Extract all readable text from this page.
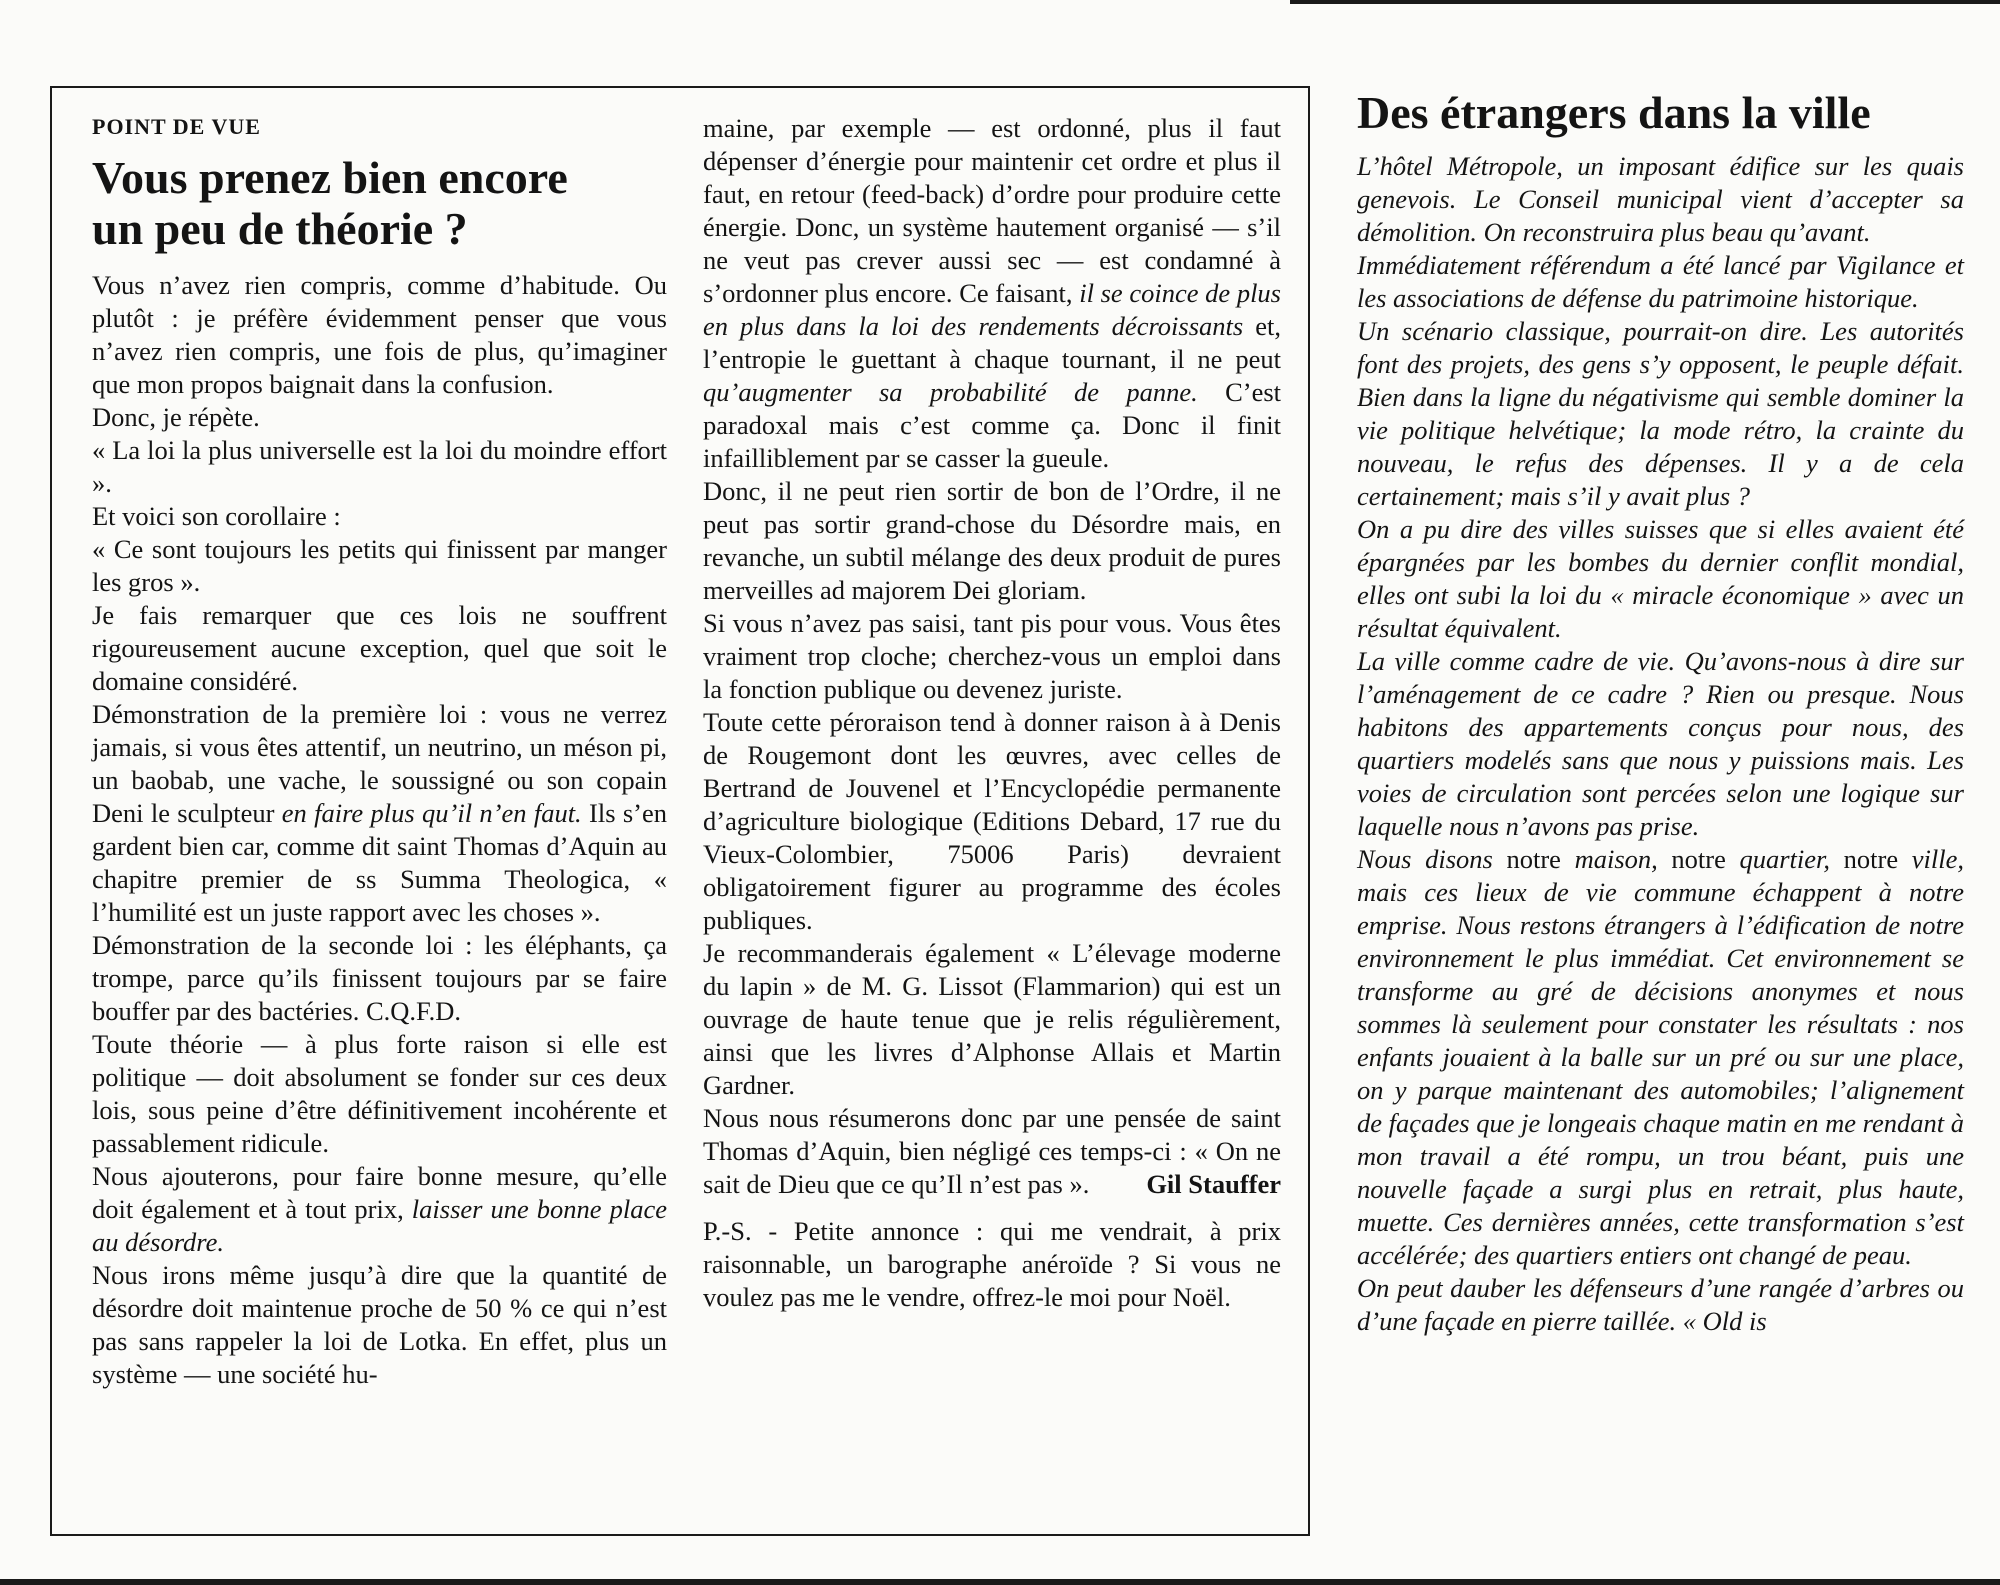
POINT DE VUE

Vous prenez bien encore
un peu de théorie ?

Vous n’avez rien compris, comme d’habitude. Ou plutôt : je préfère évidemment penser que vous n’avez rien compris, une fois de plus, qu’imaginer que mon propos baignait dans la confusion.

Donc, je répète.

« La loi la plus universelle est la loi du moindre effort ».

Et voici son corollaire :

« Ce sont toujours les petits qui finissent par manger les gros ».

Je fais remarquer que ces lois ne souffrent rigoureusement aucune exception, quel que soit le domaine considéré.

Démonstration de la première loi : vous ne verrez jamais, si vous êtes attentif, un neutrino, un méson pi, un baobab, une vache, le soussigné ou son copain Deni le sculpteur en faire plus qu’il n’en faut. Ils s’en gardent bien car, comme dit saint Thomas d’Aquin au chapitre premier de ss Summa Theologica, « l’humilité est un juste rapport avec les choses ».

Démonstration de la seconde loi : les éléphants, ça trompe, parce qu’ils finissent toujours par se faire bouffer par des bactéries. C.Q.F.D.

Toute théorie — à plus forte raison si elle est politique — doit absolument se fonder sur ces deux lois, sous peine d’être définitivement incohérente et passablement ridicule.

Nous ajouterons, pour faire bonne mesure, qu’elle doit également et à tout prix, laisser une bonne place au désordre.

Nous irons même jusqu’à dire que la quantité de désordre doit maintenue proche de 50 % ce qui n’est pas sans rappeler la loi de Lotka. En effet, plus un système — une société hu-

maine, par exemple — est ordonné, plus il faut dépenser d’énergie pour maintenir cet ordre et plus il faut, en retour (feed-back) d’ordre pour produire cette énergie. Donc, un système hautement organisé — s’il ne veut pas crever aussi sec — est condamné à s’ordonner plus encore. Ce faisant, il se coince de plus en plus dans la loi des rendements décroissants et, l’entropie le guettant à chaque tournant, il ne peut qu’augmenter sa probabilité de panne. C’est paradoxal mais c’est comme ça. Donc il finit infailliblement par se casser la gueule.

Donc, il ne peut rien sortir de bon de l’Ordre, il ne peut pas sortir grand-chose du Désordre mais, en revanche, un subtil mélange des deux produit de pures merveilles ad majorem Dei gloriam.

Si vous n’avez pas saisi, tant pis pour vous. Vous êtes vraiment trop cloche; cherchez-vous un emploi dans la fonction publique ou devenez juriste.

Toute cette péroraison tend à donner raison à à Denis de Rougemont dont les œuvres, avec celles de Bertrand de Jouvenel et l’Encyclopédie permanente d’agriculture biologique (Editions Debard, 17 rue du Vieux-Colombier, 75006 Paris) devraient obligatoirement figurer au programme des écoles publiques.

Je recommanderais également « L’élevage moderne du lapin » de M. G. Lissot (Flammarion) qui est un ouvrage de haute tenue que je relis régulièrement, ainsi que les livres d’Alphonse Allais et Martin Gardner.

Nous nous résumerons donc par une pensée de saint Thomas d’Aquin, bien négligé ces temps-ci : « On ne sait de Dieu que ce qu’Il n’est pas ».	Gil Stauffer

P.-S. - Petite annonce : qui me vendrait, à prix raisonnable, un barographe anéroïde ? Si vous ne voulez pas me le vendre, offrez-le moi pour Noël.

Des étrangers dans la ville

L’hôtel Métropole, un imposant édifice sur les quais genevois. Le Conseil municipal vient d’accepter sa démolition. On reconstruira plus beau qu’avant.

Immédiatement référendum a été lancé par Vigilance et les associations de défense du patrimoine historique.

Un scénario classique, pourrait-on dire. Les autorités font des projets, des gens s’y opposent, le peuple défait. Bien dans la ligne du négativisme qui semble dominer la vie politique helvétique; la mode rétro, la crainte du nouveau, le refus des dépenses. Il y a de cela certainement; mais s’il y avait plus ?

On a pu dire des villes suisses que si elles avaient été épargnées par les bombes du dernier conflit mondial, elles ont subi la loi du « miracle économique » avec un résultat équivalent.

La ville comme cadre de vie. Qu’avons-nous à dire sur l’aménagement de ce cadre ? Rien ou presque. Nous habitons des appartements conçus pour nous, des quartiers modelés sans que nous y puissions mais. Les voies de circulation sont percées selon une logique sur laquelle nous n’avons pas prise.

Nous disons notre maison, notre quartier, notre ville, mais ces lieux de vie commune échappent à notre emprise. Nous restons étrangers à l’édification de notre environnement le plus immédiat. Cet environnement se transforme au gré de décisions anonymes et nous sommes là seulement pour constater les résultats : nos enfants jouaient à la balle sur un pré ou sur une place, on y parque maintenant des automobiles; l’alignement de façades que je longeais chaque matin en me rendant à mon travail a été rompu, un trou béant, puis une nouvelle façade a surgi plus en retrait, plus haute, muette. Ces dernières années, cette transformation s’est accélérée; des quartiers entiers ont changé de peau.

On peut dauber les défenseurs d’une rangée d’arbres ou d’une façade en pierre taillée. « Old is
